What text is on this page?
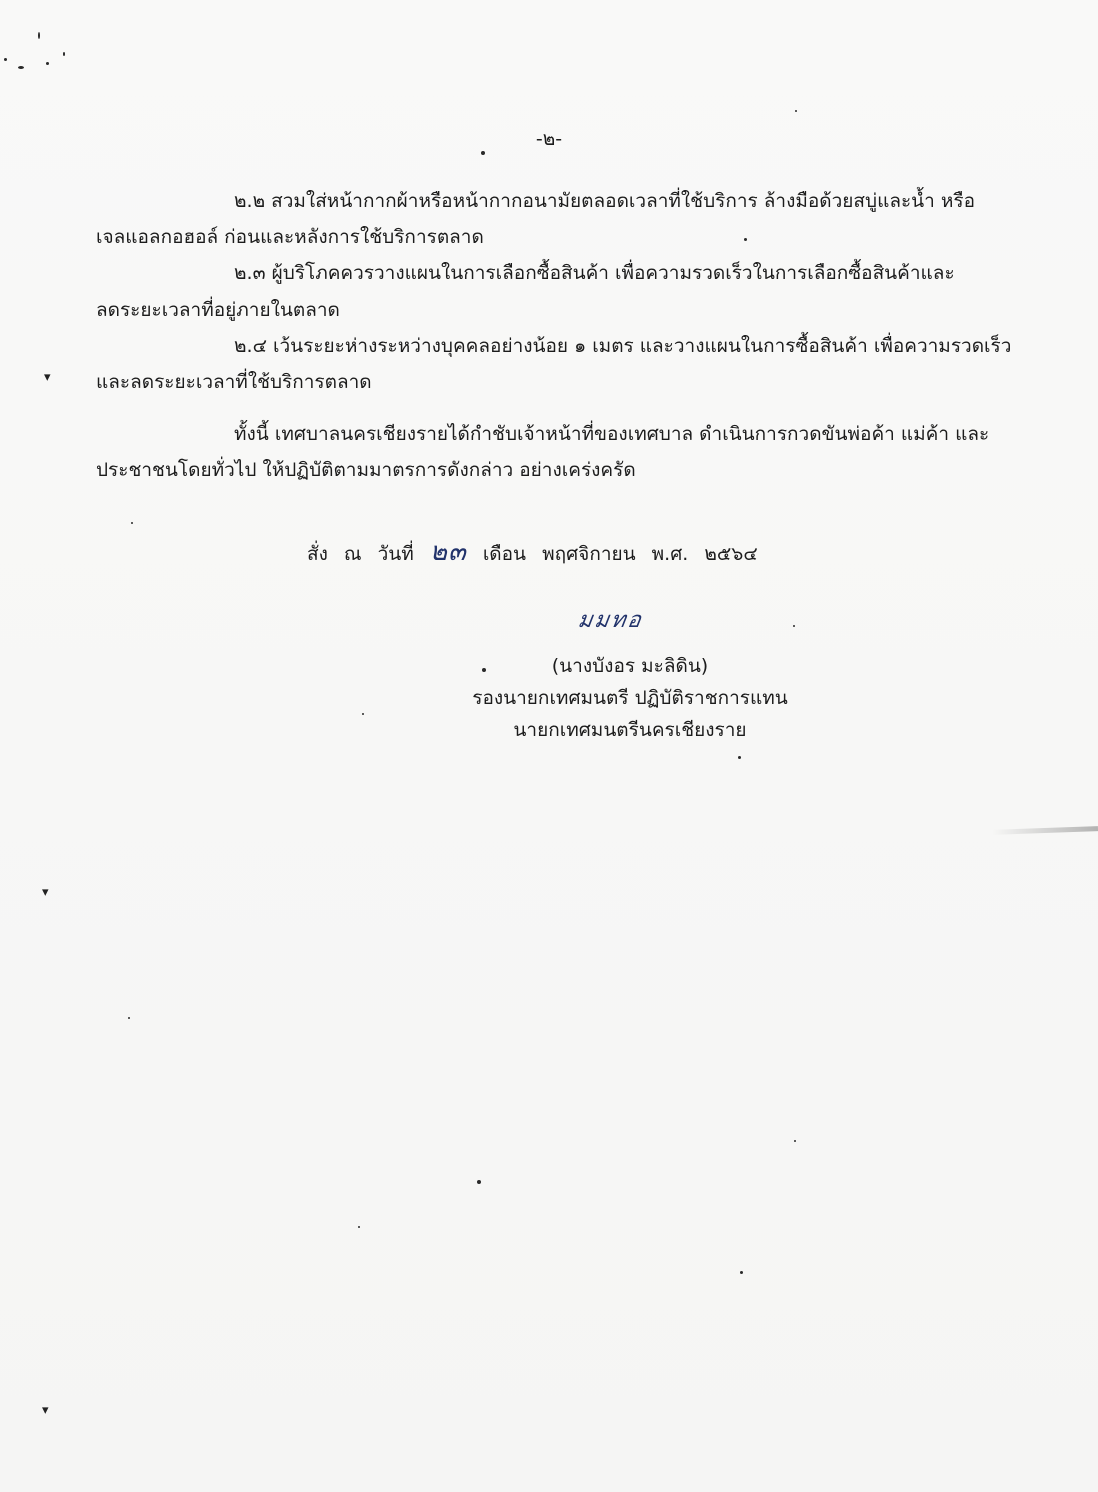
-๒-

๒.๒ สวมใส่หน้ากากผ้าหรือหน้ากากอนามัยตลอดเวลาที่ใช้บริการ ล้างมือด้วยสบู่และน้ำ หรือ

เจลแอลกอฮอล์ ก่อนและหลังการใช้บริการตลาด

๒.๓ ผู้บริโภคควรวางแผนในการเลือกซื้อสินค้า เพื่อความรวดเร็วในการเลือกซื้อสินค้าและ

ลดระยะเวลาที่อยู่ภายในตลาด

๒.๔ เว้นระยะห่างระหว่างบุคคลอย่างน้อย ๑ เมตร และวางแผนในการซื้อสินค้า เพื่อความรวดเร็ว

และลดระยะเวลาที่ใช้บริการตลาด

ทั้งนี้ เทศบาลนครเชียงรายได้กำชับเจ้าหน้าที่ของเทศบาล ดำเนินการกวดขันพ่อค้า แม่ค้า และ

ประชาชนโดยทั่วไป ให้ปฏิบัติตามมาตรการดังกล่าว อย่างเคร่งครัด

สั่ง ณ วันที่ ๒๓ เดือน พฤศจิกายน พ.ศ. ๒๕๖๔
มมทอ
(นางบังอร มะลิดิน)
รองนายกเทศมนตรี ปฏิบัติราชการแทน
นายกเทศมนตรีนครเชียงราย
▾
▾
▾
